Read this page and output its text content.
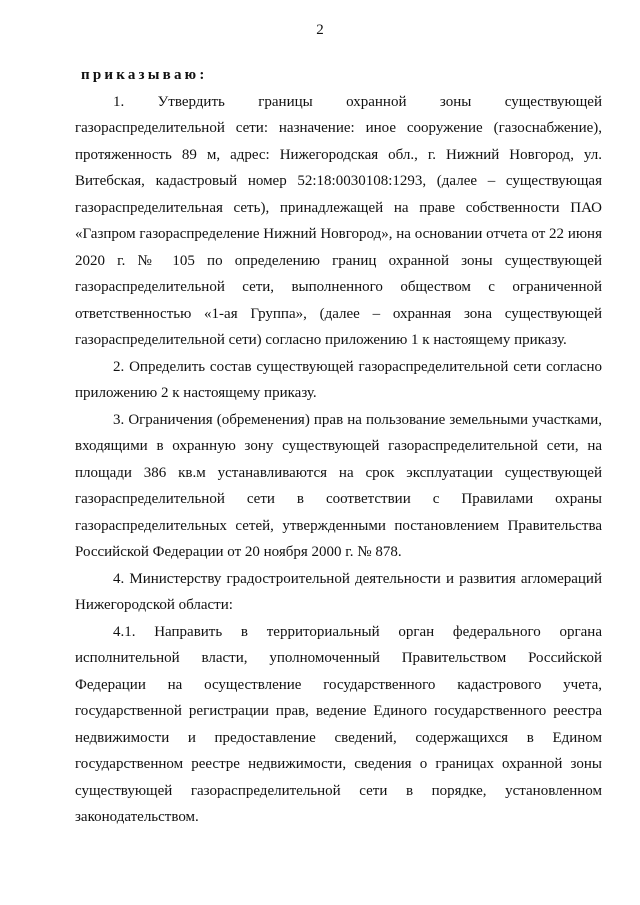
2

приказываю:

1. Утвердить границы охранной зоны существующей газораспределительной сети: назначение: иное сооружение (газоснабжение), протяженность 89 м, адрес: Нижегородская обл., г. Нижний Новгород, ул. Витебская, кадастровый номер 52:18:0030108:1293, (далее – существующая газораспределительная сеть), принадлежащей на праве собственности ПАО «Газпром газораспределение Нижний Новгород», на основании отчета от 22 июня 2020 г. № 105 по определению границ охранной зоны существующей газораспределительной сети, выполненного обществом с ограниченной ответственностью «1-ая Группа», (далее – охранная зона существующей газораспределительной сети) согласно приложению 1 к настоящему приказу.

2. Определить состав существующей газораспределительной сети согласно приложению 2 к настоящему приказу.

3. Ограничения (обременения) прав на пользование земельными участками, входящими в охранную зону существующей газораспределительной сети, на площади 386 кв.м устанавливаются на срок эксплуатации существующей газораспределительной сети в соответствии с Правилами охраны газораспределительных сетей, утвержденными постановлением Правительства Российской Федерации от 20 ноября 2000 г. № 878.

4. Министерству градостроительной деятельности и развития агломераций Нижегородской области:

4.1. Направить в территориальный орган федерального органа исполнительной власти, уполномоченный Правительством Российской Федерации на осуществление государственного кадастрового учета, государственной регистрации прав, ведение Единого государственного реестра недвижимости и предоставление сведений, содержащихся в Едином государственном реестре недвижимости, сведения о границах охранной зоны существующей газораспределительной сети в порядке, установленном законодательством.
